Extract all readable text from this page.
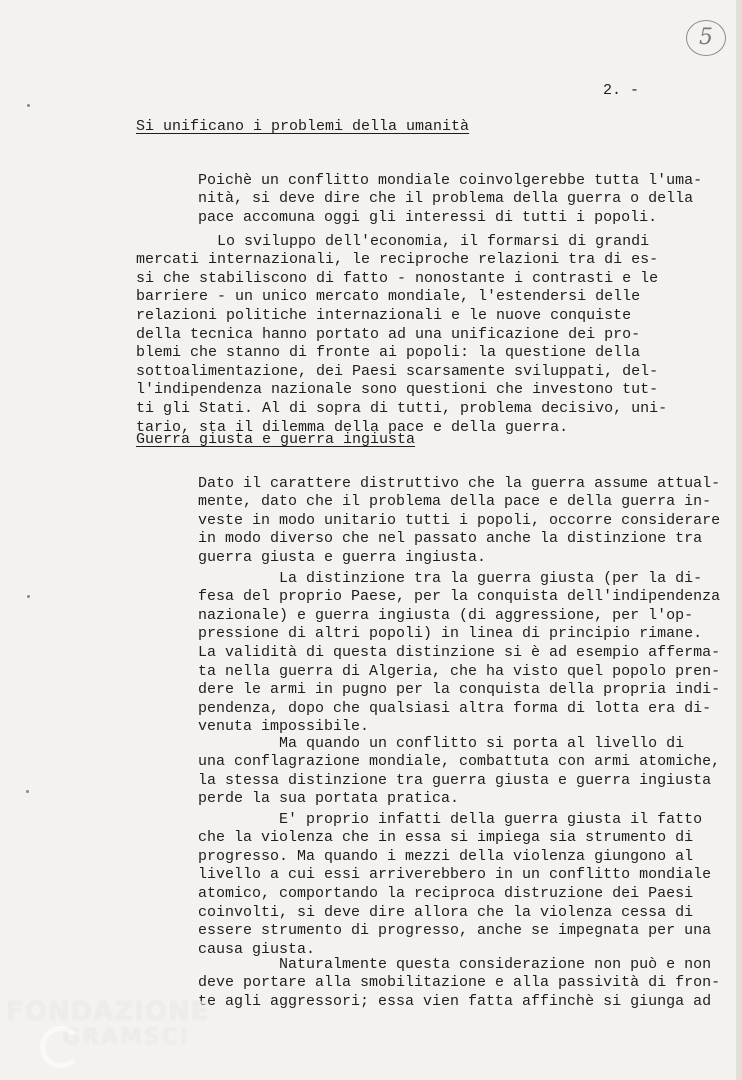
5
2. -
Si unificano i problemi della umanità

Poichè un conflitto mondiale coinvolgerebbe tutta l'uma-
nità, si deve dire che il problema della guerra o della
pace accomuna oggi gli interessi di tutti i popoli.

Lo sviluppo dell'economia, il formarsi di grandi
mercati internazionali, le reciproche relazioni tra di es-
si che stabiliscono di fatto - nonostante i contrasti e le
barriere - un unico mercato mondiale, l'estendersi delle
relazioni politiche internazionali e le nuove conquiste
della tecnica hanno portato ad una unificazione dei pro-
blemi che stanno di fronte ai popoli: la questione della
sottoalimentazione, dei Paesi scarsamente sviluppati, del-
l'indipendenza nazionale sono questioni che investono tut-
ti gli Stati. Al di sopra di tutti, problema decisivo, uni-
tario, sta il dilemma della pace e della guerra.

Guerra giusta e guerra ingiusta

Dato il carattere distruttivo che la guerra assume attual-
mente, dato che il problema della pace e della guerra in-
veste in modo unitario tutti i popoli, occorre considerare
in modo diverso che nel passato anche la distinzione tra
guerra giusta e guerra ingiusta.

La distinzione tra la guerra giusta (per la di-
fesa del proprio Paese, per la conquista dell'indipendenza
nazionale) e guerra ingiusta (di aggressione, per l'op-
pressione di altri popoli) in linea di principio rimane.
La validità di questa distinzione si è ad esempio afferma-
ta nella guerra di Algeria, che ha visto quel popolo pren-
dere le armi in pugno per la conquista della propria indi-
pendenza, dopo che qualsiasi altra forma di lotta era di-
venuta impossibile.

Ma quando un conflitto si porta al livello di
una conflagrazione mondiale, combattuta con armi atomiche,
la stessa distinzione tra guerra giusta e guerra ingiusta
perde la sua portata pratica.

E' proprio infatti della guerra giusta il fatto
che la violenza che in essa si impiega sia strumento di
progresso. Ma quando i mezzi della violenza giungono al
livello a cui essi arriverebbero in un conflitto mondiale
atomico, comportando la reciproca distruzione dei Paesi
coinvolti, si deve dire allora che la violenza cessa di
essere strumento di progresso, anche se impegnata per una
causa giusta.

Naturalmente questa considerazione non può e non
deve portare alla smobilitazione e alla passività di fron-
te agli aggressori; essa vien fatta affinchè si giunga ad

FONDAZIONE
GRAMSCI
